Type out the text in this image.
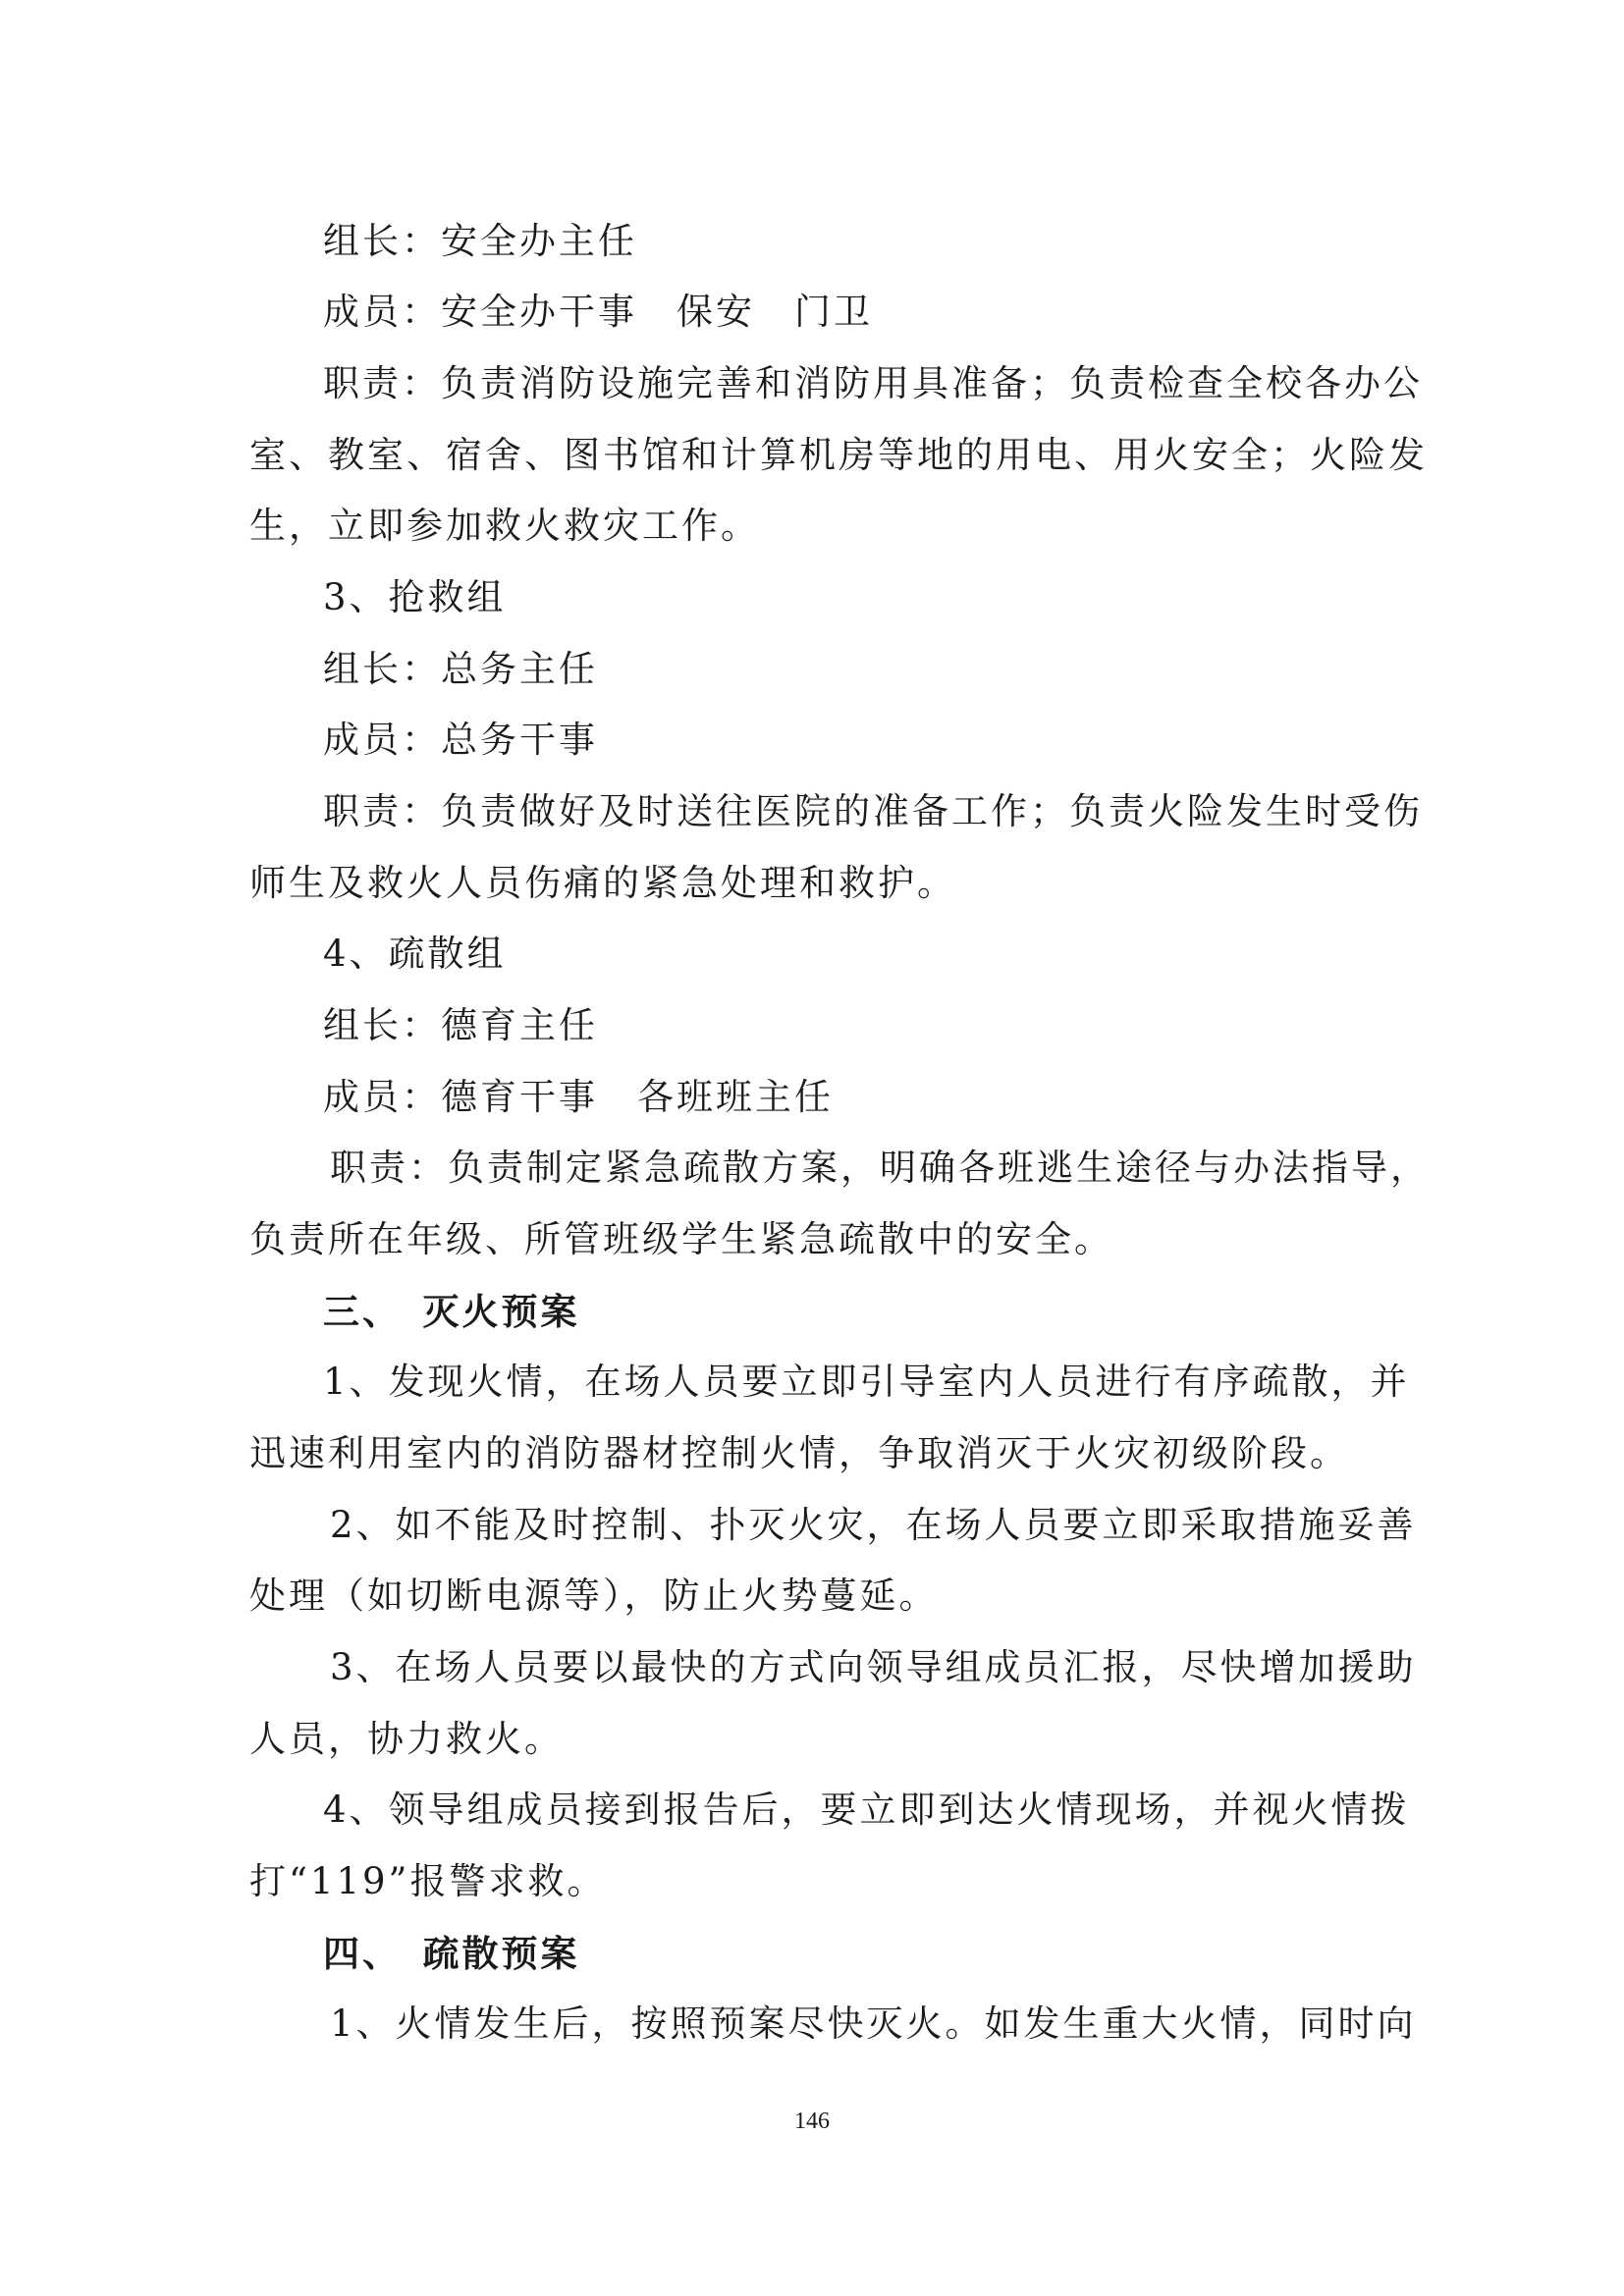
组长：安全办主任
成员：安全办干事　保安　门卫
职责：负责消防设施完善和消防用具准备；负责检查全校各办公
室、教室、宿舍、图书馆和计算机房等地的用电、用火安全；火险发
生，立即参加救火救灾工作。
3、抢救组
组长：总务主任
成员：总务干事
职责：负责做好及时送往医院的准备工作；负责火险发生时受伤
师生及救火人员伤痛的紧急处理和救护。
4、疏散组
组长：德育主任
成员：德育干事　各班班主任
职责：负责制定紧急疏散方案，明确各班逃生途径与办法指导，
负责所在年级、所管班级学生紧急疏散中的安全。
三、　灭火预案
1、发现火情，在场人员要立即引导室内人员进行有序疏散，并
迅速利用室内的消防器材控制火情，争取消灭于火灾初级阶段。
2、如不能及时控制、扑灭火灾，在场人员要立即采取措施妥善
处理（如切断电源等），防止火势蔓延。
3、在场人员要以最快的方式向领导组成员汇报，尽快增加援助
人员，协力救火。
4、领导组成员接到报告后，要立即到达火情现场，并视火情拨
打“119”报警求救。
四、　疏散预案
1、火情发生后，按照预案尽快灭火。如发生重大火情，同时向
146
